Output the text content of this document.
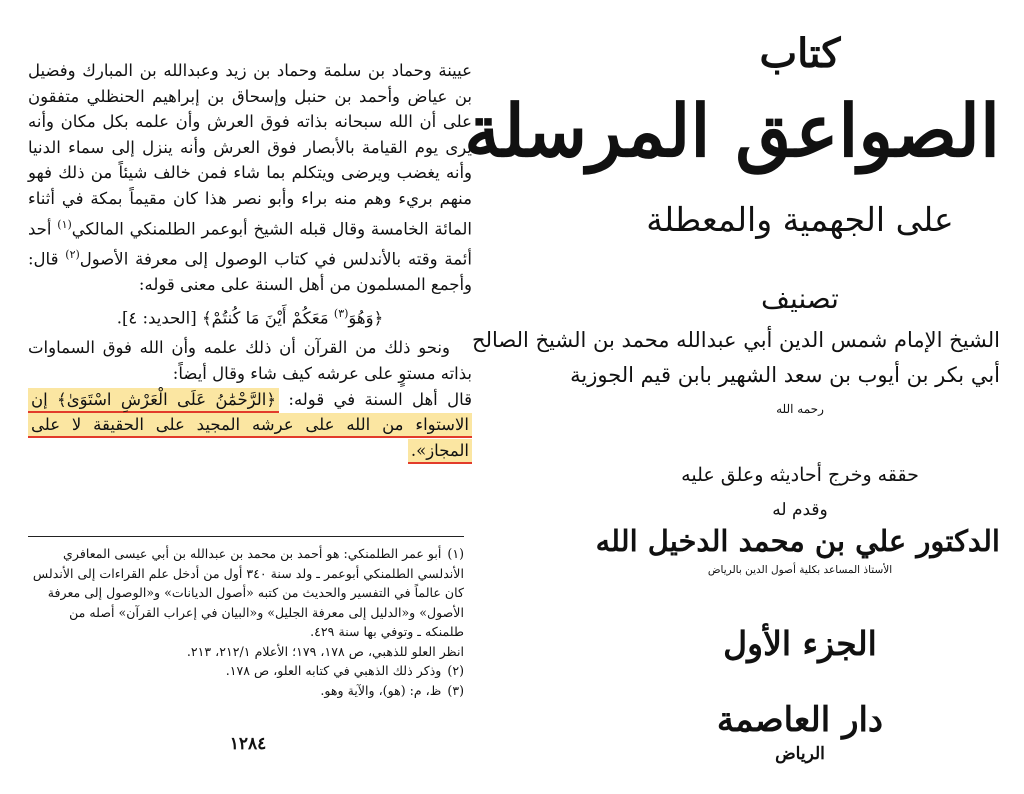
عيينة وحماد بن سلمة وحماد بن زيد وعبدالله بن المبارك وفضيل بن عياض وأحمد بن حنبل وإسحاق بن إبراهيم الحنظلي متفقون على أن الله سبحانه بذاته فوق العرش وأن علمه بكل مكان وأنه يرى يوم القيامة بالأبصار فوق العرش وأنه ينزل إلى سماء الدنيا وأنه يغضب ويرضى ويتكلم بما شاء فمن خالف شيئاً من ذلك فهو منهم بريء وهم منه براء وأبو نصر هذا كان مقيماً بمكة في أثناء المائة الخامسة وقال قبله الشيخ أبوعمر الطلمنكي المالكي$^{(١)}$ أحد أئمة وقته بالأندلس في كتاب الوصول إلى معرفة الأصول$^{(٢)}$ قال: وأجمع المسلمون من أهل السنة على معنى قوله:

﴿وَهُوَ$^{(٣)}$ مَعَكُمْ أَيْنَ مَا كُنتُمْ﴾ [الحديد: ٤].

ونحو ذلك من القرآن أن ذلك علمه وأن الله فوق السماوات بذاته مستوٍ على عرشه كيف شاء وقال أيضاً:

قال أهل السنة في قوله: ﴿الرَّحْمَٰنُ عَلَى الْعَرْشِ اسْتَوَىٰ﴾ إن الاستواء من الله على عرشه المجيد على الحقيقة لا على المجاز».

(١)أبو عمر الطلمنكي: هو أحمد بن محمد بن عبدالله بن أبي عيسى المعافري الأندلسي الطلمنكي أبوعمر ـ ولد سنة ٣٤٠ أول من أدخل علم القراءات إلى الأندلس كان عالماً في التفسير والحديث من كتبه «أصول الديانات» و«الوصول إلى معرفة الأصول» و«الدليل إلى معرفة الجليل» و«البيان في إعراب القرآن» أصله من طلمنكه ـ وتوفي بها سنة ٤٢٩.

انظر العلو للذهبي، ص ١٧٨، ١٧٩؛ الأعلام ٢١٢/١، ٢١٣.

(٢)وذكر ذلك الذهبي في كتابه العلو، ص ١٧٨.

(٣)ظ، م: (هو)، والآية وهو.

١٢٨٤
كتاب
الصواعق المرسلة
على الجهمية والمعطلة
تصنيف
الشيخ الإمام شمس الدين أبي عبدالله محمد بن الشيخ الصالح
أبي بكر بن أيوب بن سعد الشهير بابن قيم الجوزية
رحمه الله
حققه وخرج أحاديثه وعلق عليه
وقدم له
الدكتور علي بن محمد الدخيل الله
الأستاذ المساعد بكلية أصول الدين بالرياض
الجزء الأول
دار العاصمة
الرياض
